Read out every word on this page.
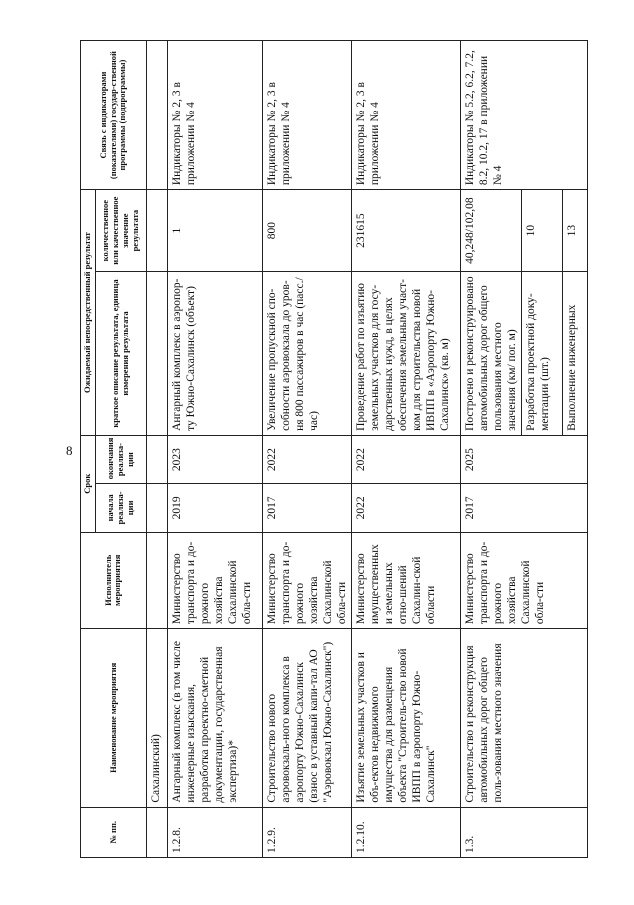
8
№ пп.	Наименование мероприятия	Исполнитель мероприятия	Срок		Ожидаемый непосредственный результат		Связь с индикаторами (показателями) государ-ственной программы (подпрограммы)
			начала реализа-ции	окончания реализа-ции	краткое описание результата, единица измерения результата	количественное или качественное значение результата	
	Сахалинский)						
1.2.8.	Ангарный комплекс (в том числе инженерные изыскания, разработка проектно-сметной документации, государственная экспертиза)*	Министерство транспорта и до-рожного хозяйства Сахалинской обла-сти	2019	2023	Ангарный комплекс в аэропор-ту Южно-Сахалинск (объект)	1	Индикаторы № 2, 3 в приложении № 4
1.2.9.	Строительство нового аэровокзаль-ного комплекса в аэропорту Южно-Сахалинск (взнос в уставный капи-тал АО "Аэровокзал Южно-Сахалинск")	Министерство транспорта и до-рожного хозяйства Сахалинской обла-сти	2017	2022	Увеличение пропускной спо-собности аэровокзала до уров-ня 800 пассажиров в час (пасс./час)	800	Индикаторы № 2, 3 в приложении № 4
1.2.10.	Изъятие земельных участков и объ-ектов недвижимого имущества для размещения объекта "Строитель-ство новой ИВПП в аэропорту Южно-Сахалинск"	Министерство имущественных и земельных отно-шений Сахалин-ской области	2022	2022	Проведение работ по изъятию земельных участков для госу-дарственных нужд, в целях обеспечения земельным участ-ком для строительства новой ИВПП в «Аэропорту Южно-Сахалинск» (кв. м)	231615	Индикаторы № 2, 3 в приложении № 4
1.3.	Строительство и реконструкция автомобильных дорог общего поль-зования местного значения	Министерство транспорта и до-рожного хозяйства Сахалинской обла-сти	2017	2025	Построено и реконструировано автомобильных дорог общего пользования местного значения (км/ пог. м)	40,248/102,08	Индикаторы № 5.2, 6.2, 7.2, 8.2, 10.2, 17 в приложении № 4
					Разработка проектной доку-ментации (шт.)	10	
					Выполнение инженерных	13	
